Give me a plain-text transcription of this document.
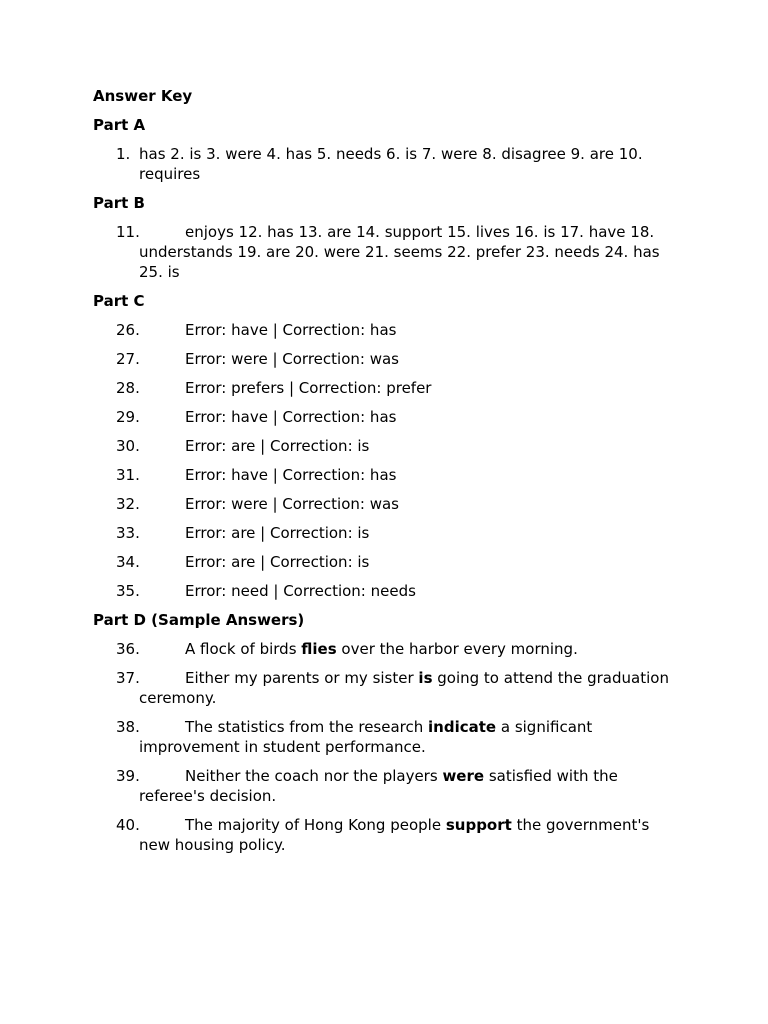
Answer Key
Part A
1. has 2. is 3. were 4. has 5. needs 6. is 7. were 8. disagree 9. are 10. requires
Part B
11.	enjoys 12. has 13. are 14. support 15. lives 16. is 17. have 18. understands 19. are 20. were 21. seems 22. prefer 23. needs 24. has 25. is
Part C
26.	Error: have | Correction: has
27.	Error: were | Correction: was
28.	Error: prefers | Correction: prefer
29.	Error: have | Correction: has
30.	Error: are | Correction: is
31.	Error: have | Correction: has
32.	Error: were | Correction: was
33.	Error: are | Correction: is
34.	Error: are | Correction: is
35.	Error: need | Correction: needs
Part D (Sample Answers)
36.	A flock of birds flies over the harbor every morning.
37.	Either my parents or my sister is going to attend the graduation ceremony.
38.	The statistics from the research indicate a significant improvement in student performance.
39.	Neither the coach nor the players were satisfied with the referee's decision.
40.	The majority of Hong Kong people support the government's new housing policy.
